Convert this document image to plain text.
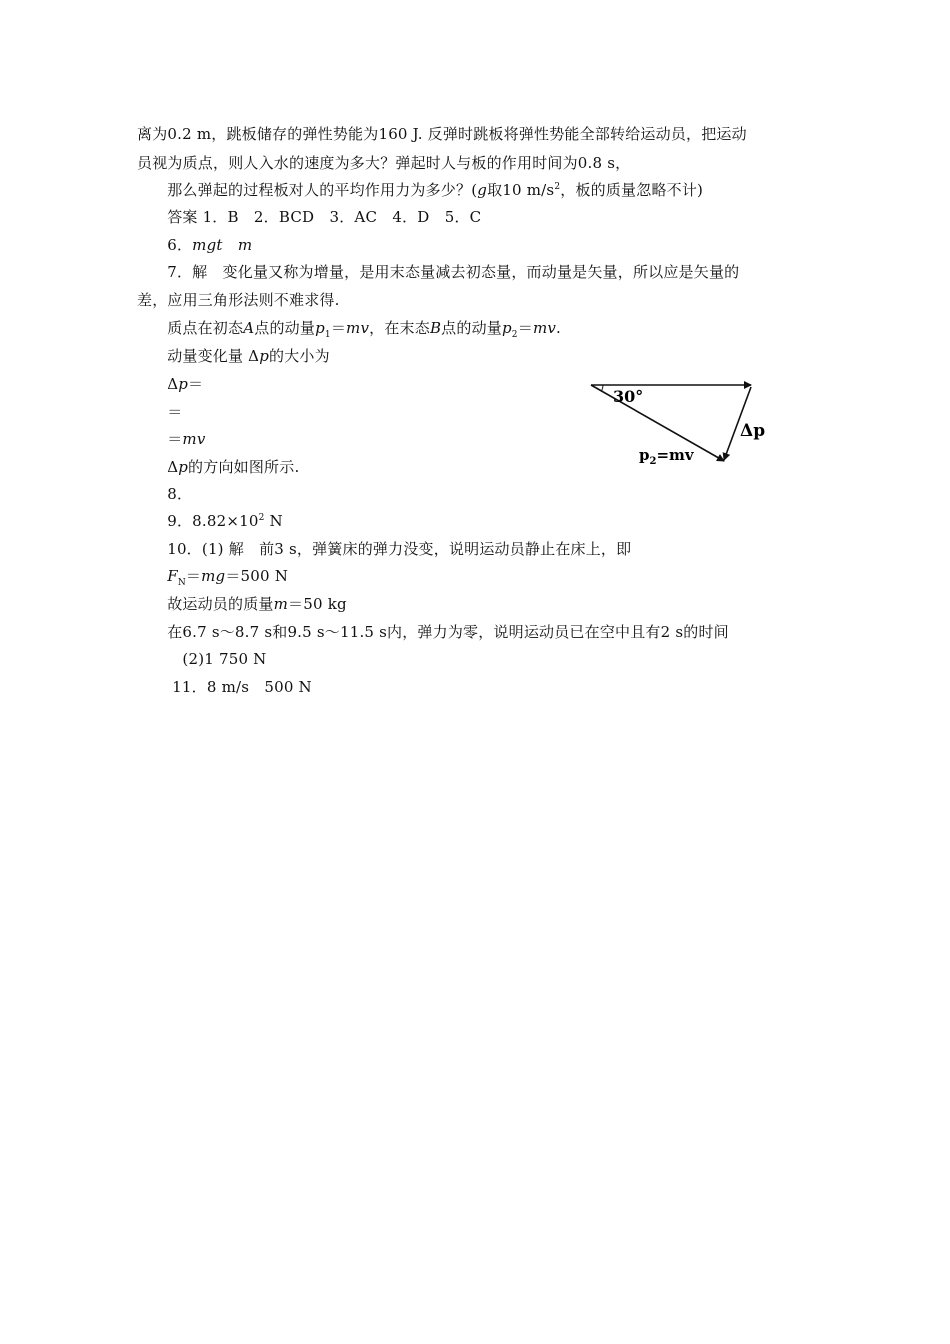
离为0.2 m，跳板储存的弹性势能为160 J. 反弹时跳板将弹性势能全部转给运动员，把运动
员视为质点，则人入水的速度为多大？弹起时人与板的作用时间为0.8 s，
　那么弹起的过程板对人的平均作用力为多少？(g取10 $m/s^2$，板的质量忽略不计)
　答案 1．B　2．BCD　3．AC　4．D　5．C
　6．mgt　 m
　7．解　变化量又称为增量，是用末态量减去初态量，而动量是矢量，所以应是矢量的
差，应用三角形法则不难求得.
　质点在初态A点的动量$p_1=mv$，在末态B点的动量$p_2=mv$.
　动量变化量 Δp的大小为
　Δp＝
　＝
　＝mv
　Δp的方向如图所示.
　8．
　9．$8.82\times 10^2$ N
　10．(1) 解　前3 s，弹簧床的弹力没变，说明运动员静止在床上，即
　$F_N=mg=500$ N
　故运动员的质量m＝50 kg
　在6.7 s～8.7 s和9.5 s～11.5 s内，弹力为零，说明运动员已在空中且有2 s的时间
　　(2)1 750 N
　 11．8 m/s　500 N
30°
Δp
$p_2=mv$
